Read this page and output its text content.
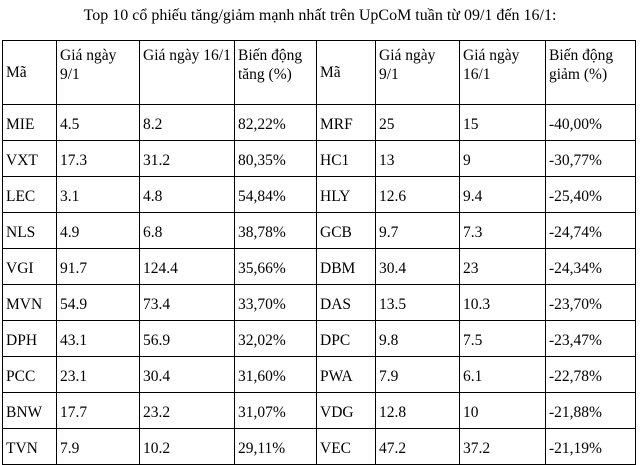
Top 10 cổ phiếu tăng/giảm mạnh nhất trên UpCoM tuần từ 09/1 đến 16/1:
Mã	Giá ngày 9/1	Giá ngày 16/1	Biến động tăng (%)	Mã	Giá ngày 9/1	Giá ngày 16/1	Biến động giảm (%)
MIE	4.5	8.2	82,22%	MRF	25	15	-40,00%
VXT	17.3	31.2	80,35%	HC1	13	9	-30,77%
LEC	3.1	4.8	54,84%	HLY	12.6	9.4	-25,40%
NLS	4.9	6.8	38,78%	GCB	9.7	7.3	-24,74%
VGI	91.7	124.4	35,66%	DBM	30.4	23	-24,34%
MVN	54.9	73.4	33,70%	DAS	13.5	10.3	-23,70%
DPH	43.1	56.9	32,02%	DPC	9.8	7.5	-23,47%
PCC	23.1	30.4	31,60%	PWA	7.9	6.1	-22,78%
BNW	17.7	23.2	31,07%	VDG	12.8	10	-21,88%
TVN	7.9	10.2	29,11%	VEC	47.2	37.2	-21,19%
